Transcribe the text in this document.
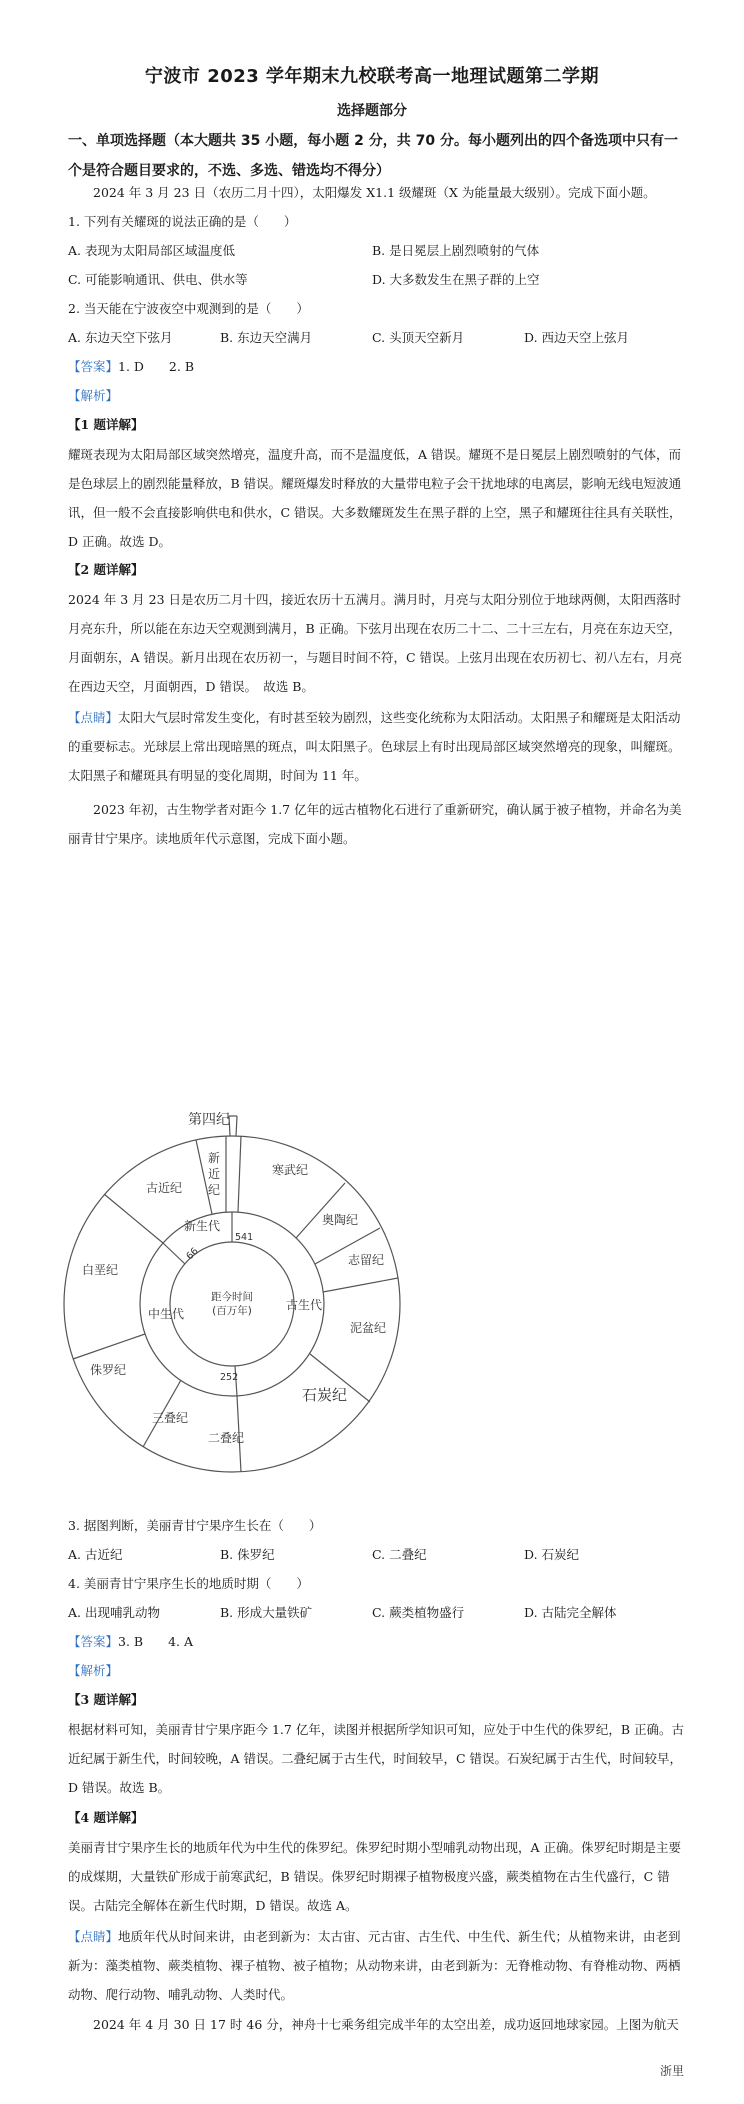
宁波市 2023 学年期末九校联考高一地理试题第二学期
选择题部分
一、单项选择题（本大题共 35 小题，每小题 2 分，共 70 分。每小题列出的四个备选项中只有一个是符合题目要求的，不选、多选、错选均不得分）
2024 年 3 月 23 日（农历二月十四），太阳爆发 X1.1 级耀斑（X 为能量最大级别）。完成下面小题。
1. 下列有关耀斑的说法正确的是（　　）
A. 表现为太阳局部区域温度低	B. 是日冕层上剧烈喷射的气体
C. 可能影响通讯、供电、供水等	D. 大多数发生在黑子群的上空
2. 当天能在宁波夜空中观测到的是（　　）
A. 东边天空下弦月	B. 东边天空满月	C. 头顶天空新月	D. 西边天空上弦月
【答案】1. D　　2. B
【解析】
【1 题详解】
耀斑表现为太阳局部区域突然增亮，温度升高，而不是温度低，A 错误。耀斑不是日冕层上剧烈喷射的气体，而是色球层上的剧烈能量释放，B 错误。耀斑爆发时释放的大量带电粒子会干扰地球的电离层，影响无线电短波通讯，但一般不会直接影响供电和供水，C 错误。大多数耀斑发生在黑子群的上空，黑子和耀斑往往具有关联性，D 正确。故选 D。
【2 题详解】
2024 年 3 月 23 日是农历二月十四，接近农历十五满月。满月时，月亮与太阳分别位于地球两侧，太阳西落时月亮东升，所以能在东边天空观测到满月，B 正确。下弦月出现在农历二十二、二十三左右，月亮在东边天空，月面朝东，A 错误。新月出现在农历初一，与题目时间不符，C 错误。上弦月出现在农历初七、初八左右，月亮在西边天空，月面朝西，D 错误。　故选 B。
【点睛】太阳大气层时常发生变化，有时甚至较为剧烈，这些变化统称为太阳活动。太阳黑子和耀斑是太阳活动的重要标志。光球层上常出现暗黑的斑点，叫太阳黑子。色球层上有时出现局部区域突然增亮的现象，叫耀斑。太阳黑子和耀斑具有明显的变化周期，时间为 11 年。
2023 年初，古生物学者对距今 1.7 亿年的远古植物化石进行了重新研究，确认属于被子植物，并命名为美丽青甘宁果序。读地质年代示意图，完成下面小题。
第四纪
距今时间
(百万年)
541
252
66
新生代
中生代
古生代
寒武纪
奥陶纪
志留纪
泥盆纪
石炭纪
二叠纪
三叠纪
侏罗纪
白垩纪
古近纪
新
近
纪
3. 据图判断，美丽青甘宁果序生长在（　　）
A. 古近纪	B. 侏罗纪	C. 二叠纪	D. 石炭纪
4. 美丽青甘宁果序生长的地质时期（　　）
A. 出现哺乳动物	B. 形成大量铁矿	C. 蕨类植物盛行	D. 古陆完全解体
【答案】3. B　　4. A
【解析】
【3 题详解】
根据材料可知，美丽青甘宁果序距今 1.7 亿年，读图并根据所学知识可知，应处于中生代的侏罗纪，B 正确。古近纪属于新生代，时间较晚，A 错误。二叠纪属于古生代，时间较早，C 错误。石炭纪属于古生代，时间较早，D 错误。故选 B。
【4 题详解】
美丽青甘宁果序生长的地质年代为中生代的侏罗纪。侏罗纪时期小型哺乳动物出现，A 正确。侏罗纪时期是主要的成煤期，大量铁矿形成于前寒武纪，B 错误。侏罗纪时期裸子植物极度兴盛，蕨类植物在古生代盛行，C 错误。古陆完全解体在新生代时期，D 错误。故选 A。
【点睛】地质年代从时间来讲，由老到新为：太古宙、元古宙、古生代、中生代、新生代；从植物来讲，由老到新为：藻类植物、蕨类植物、裸子植物、被子植物；从动物来讲，由老到新为：无脊椎动物、有脊椎动物、两栖动物、爬行动物、哺乳动物、人类时代。
2024 年 4 月 30 日 17 时 46 分，神舟十七乘务组完成半年的太空出差，成功返回地球家园。上图为航天
浙里
